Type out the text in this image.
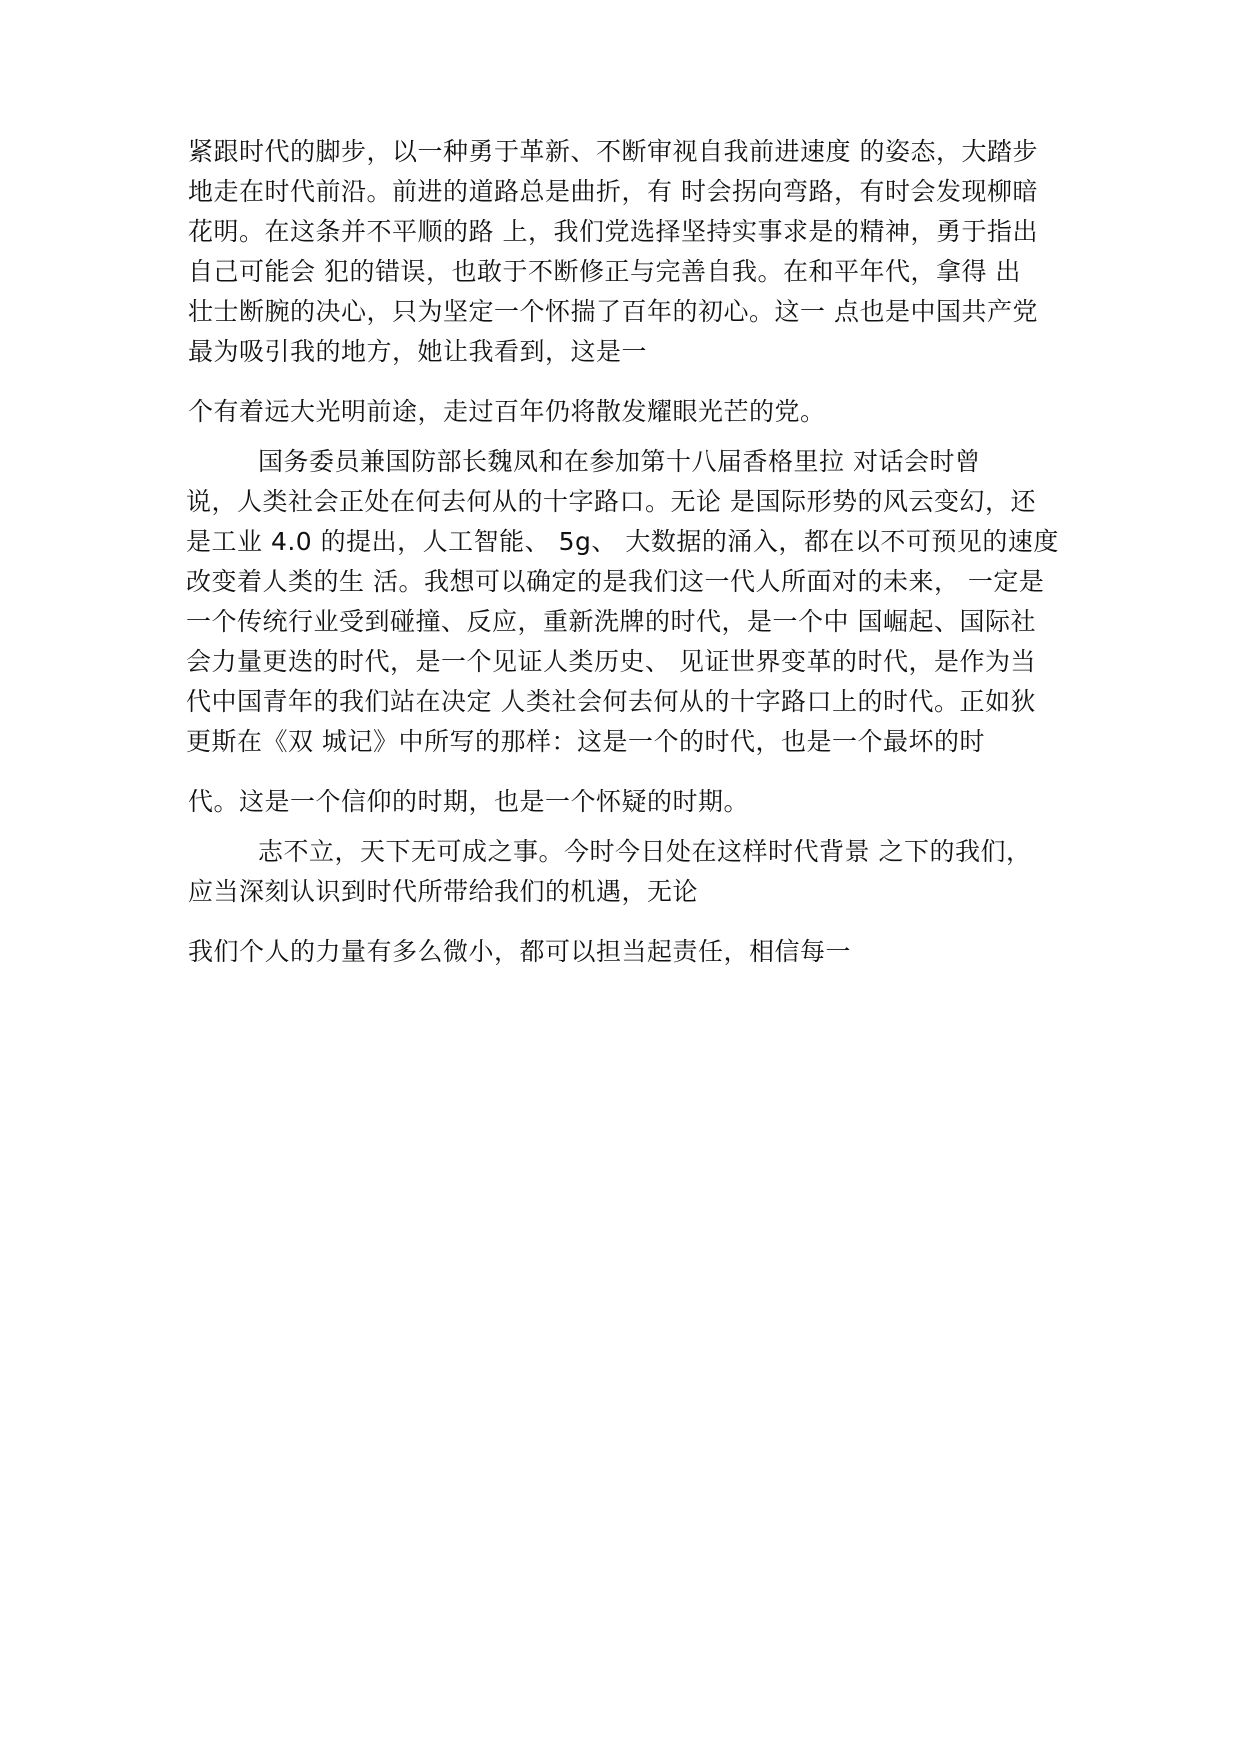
紧跟时代的脚步，以一种勇于革新、不断审视自我前进速度 的姿态，大踏步
地走在时代前沿。前进的道路总是曲折，有 时会拐向弯路，有时会发现柳暗
花明。在这条并不平顺的路 上，我们党选择坚持实事求是的精神，勇于指出
自己可能会 犯的错误，也敢于不断修正与完善自我。在和平年代，拿得 出
壮士断腕的决心，只为坚定一个怀揣了百年的初心。这一 点也是中国共产党
最为吸引我的地方，她让我看到，这是一
个有着远大光明前途，走过百年仍将散发耀眼光芒的党。
国务委员兼国防部长魏凤和在参加第十八届香格里拉 对话会时曾
说，人类社会正处在何去何从的十字路口。无论 是国际形势的风云变幻，还
是工业 4.0 的提出，人工智能、 5g、 大数据的涌入，都在以不可预见的速度
改变着人类的生 活。我想可以确定的是我们这一代人所面对的未来， 一定是
一个传统行业受到碰撞、反应，重新洗牌的时代，是一个中 国崛起、国际社
会力量更迭的时代，是一个见证人类历史、 见证世界变革的时代，是作为当
代中国青年的我们站在决定 人类社会何去何从的十字路口上的时代。正如狄
更斯在《双 城记》中所写的那样：这是一个的时代，也是一个最坏的时
代。这是一个信仰的时期，也是一个怀疑的时期。
志不立，天下无可成之事。今时今日处在这样时代背景 之下的我们，
应当深刻认识到时代所带给我们的机遇，无论
我们个人的力量有多么微小，都可以担当起责任，相信每一
